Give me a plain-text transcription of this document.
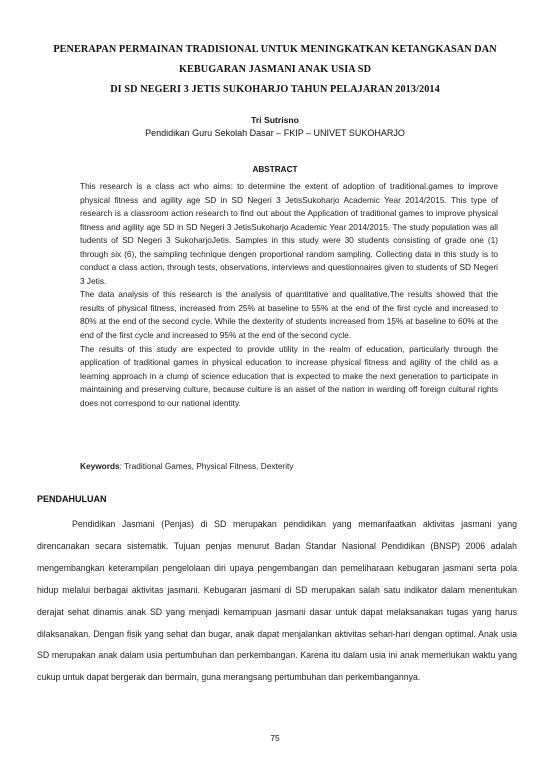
PENERAPAN PERMAINAN TRADISIONAL UNTUK MENINGKATKAN KETANGKASAN DAN
KEBUGARAN JASMANI ANAK USIA SD
DI SD NEGERI 3 JETIS SUKOHARJO TAHUN PELAJARAN 2013/2014
Tri Sutrisno
Pendidikan Guru Sekolah Dasar – FKIP – UNIVET SUKOHARJO
ABSTRACT

This research is a class act who aims: to determine the extent of adoption of traditional.games to improve physical fitness and agility age SD in SD Negeri 3 JetisSukoharjo Academic Year 2014/2015. This type of research is a classroom action research to find out about the Application of traditional games to improve physical fitness and agility age SD in SD Negeri 3 JetisSukoharjo Academic Year 2014/2015. The study population was all tudents of SD Negeri 3 SukoharjoJetis. Samples in this study were 30 students consisting of grade one (1) through six (6), the sampling technique dengen proportional random sampling. Collecting data in this study is to conduct a class action, through tests, observations, interviews and questionnaires given to students of SD Negeri 3 Jetis.

The data analysis of this research is the analysis of quantitative and qualitative.The results showed that the results of physical fitness, increased from 25% at baseline to 55% at the end of the first cycle and increased to 80% at the end of the second cycle. While the dexterity of students increased from 15% at baseline to 60% at the end of the first cycle and increased to 95% at the end of the second cycle.

The results of this study are expected to provide utility in the realm of education, particularly through the application of traditional games in physical education to increase physical fitness and agility of the child as a learning approach in a clump of science education that is expected to make the next generation to participate in maintaining and preserving culture, because culture is an asset of the nation in warding off foreign cultural rights does not correspond to our national identity.

Keywords: Traditional Games, Physical Fitness, Dexterity
PENDAHULUAN

Pendidikan Jasmani (Penjas) di SD merupakan pendidikan yang memanfaatkan aktivitas jasmani yang direncanakan secara sistematik. Tujuan penjas menurut Badan Standar Nasional Pendidikan (BNSP) 2006 adalah mengembangkan keterampilan pengelolaan diri upaya pengembangan dan pemeliharaan kebugaran jasmani serta pola hidup melalui berbagai aktivitas jasmani. Kebugaran jasmani di SD merupakan salah satu indikator dalam menentukan derajat sehat dinamis anak SD yang menjadi kemampuan jasmani dasar untuk dapat melaksanakan tugas yang harus dilaksanakan. Dengan fisik yang sehat dan bugar, anak dapat menjalankan aktivitas sehari-hari dengan optimal. Anak usia SD merupakan anak dalam usia pertumbuhan dan perkembangan. Karena itu dalam usia ini anak memerlukan waktu yang cukup untuk dapat bergerak dan bermain, guna merangsang pertumbuhan dan perkembangannya.

75
